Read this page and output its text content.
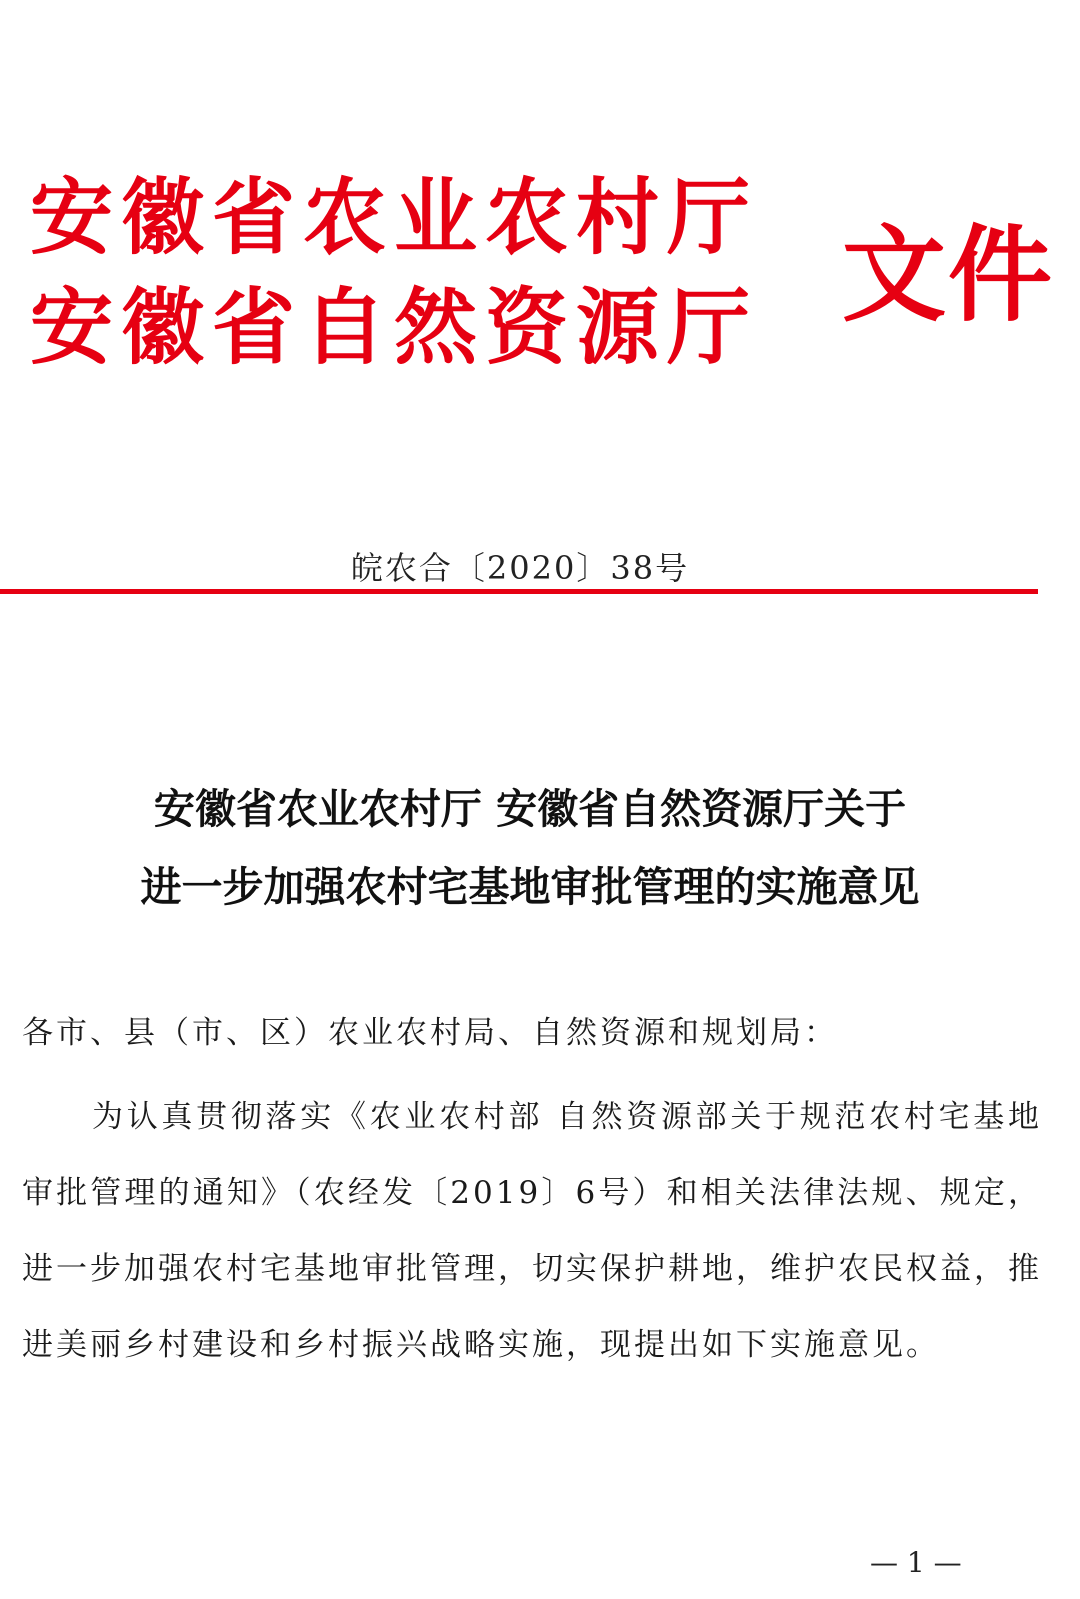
安徽省农业农村厅
安徽省自然资源厅 文件
皖农合〔2020〕38号
安徽省农业农村厅 安徽省自然资源厅关于
进一步加强农村宅基地审批管理的实施意见

各市、县（市、区）农业农村局、自然资源和规划局：

为认真贯彻落实《农业农村部 自然资源部关于规范农村宅基地审批管理的通知》（农经发〔2019〕6号）和相关法律法规、规定，进一步加强农村宅基地审批管理，切实保护耕地，维护农民权益，推进美丽乡村建设和乡村振兴战略实施，现提出如下实施意见。

— 1 —
